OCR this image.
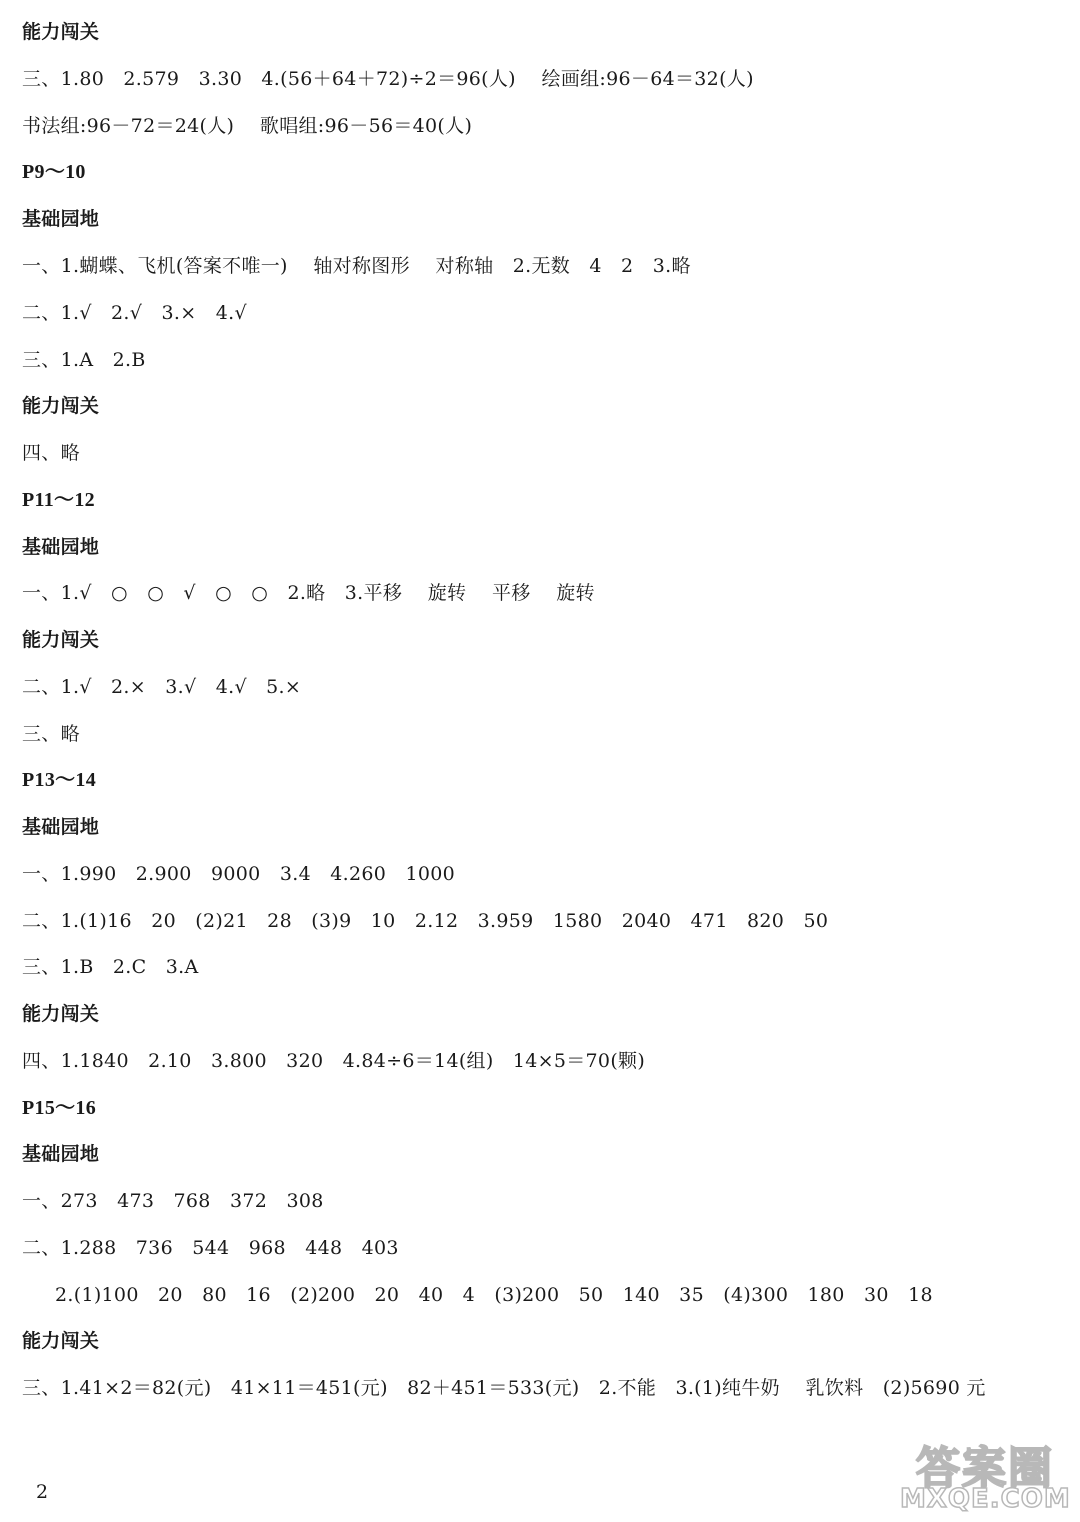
能力闯关
三、1.80　2.579　3.30　4.(56＋64＋72)÷2＝96(人)　 绘画组:96－64＝32(人)
书法组:96－72＝24(人)　 歌唱组:96－56＝40(人)
P9～10
基础园地
一、1.蝴蝶、飞机(答案不唯一)　 轴对称图形　 对称轴　2.无数　4　2　3.略
二、1.√　2.√　3.×　4.√
三、1.A　2.B
能力闯关
四、略
P11～12
基础园地
一、1.√　○　○　√　○　○　2.略　3.平移　 旋转　 平移　 旋转
能力闯关
二、1.√　2.×　3.√　4.√　5.×
三、略
P13～14
基础园地
一、1.990　2.900　9000　3.4　4.260　1000
二、1.(1)16　20　(2)21　28　(3)9　10　2.12　3.959　1580　2040　471　820　50
三、1.B　2.C　3.A
能力闯关
四、1.1840　2.10　3.800　320　4.84÷6＝14(组)　14×5＝70(颗)
P15～16
基础园地
一、273　473　768　372　308
二、1.288　736　544　968　448　403
2.(1)100　20　80　16　(2)200　20　40　4　(3)200　50　140　35　(4)300　180　30　18
能力闯关
三、1.41×2＝82(元)　41×11＝451(元)　82＋451＝533(元)　2.不能　3.(1)纯牛奶　 乳饮料　(2)5690 元
2	答案圈
MXQE.COM
